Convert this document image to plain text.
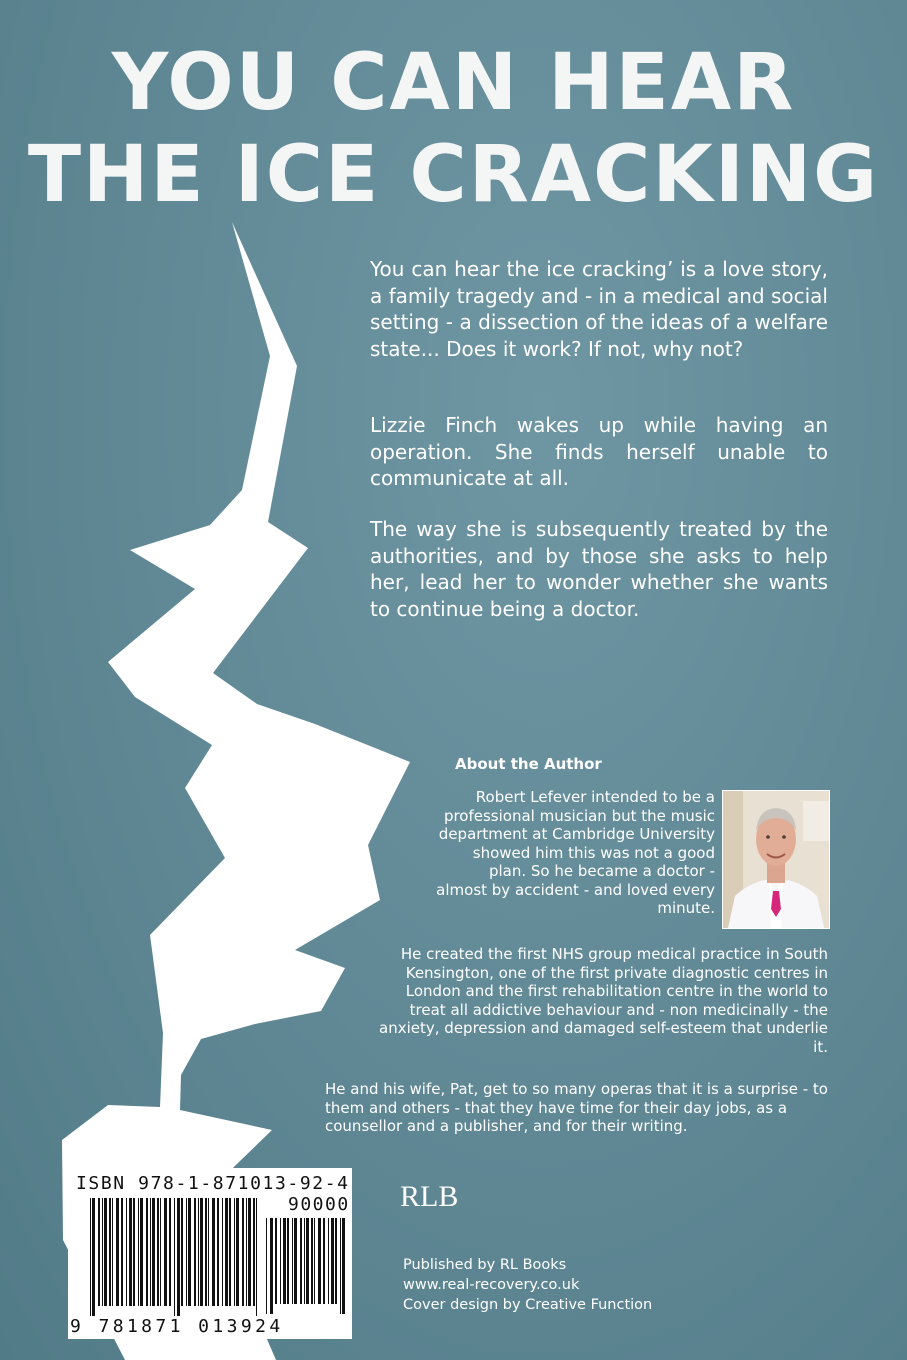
YOU CAN HEAR
THE ICE CRACKING

You can hear the ice cracking’ is a love story, a family tragedy and - in a medical and social setting - a dissection of the ideas of a welfare state... Does it work? If not, why not?

Lizzie Finch wakes up while having an operation. She finds herself unable to communicate at all.

The way she is subsequently treated by the authorities, and by those she asks to help her, lead her to wonder whether she wants to continue being a doctor.

About the Author

Robert Lefever intended to be a professional musician but the music department at Cambridge University showed him this was not a good plan. So he became a doctor - almost by accident - and loved every minute.

He created the first NHS group medical practice in South Kensington, one of the first private diagnostic centres in London and the first rehabilitation centre in the world to treat all addictive behaviour and - non medicinally - the anxiety, depression and damaged self-esteem that underlie it.

He and his wife, Pat, get to so many operas that it is a surprise - to them and others - that they have time for their day jobs, as a counsellor and a publisher, and for their writing.

ISBN 978-1-871013-92-4

90000

9 781871 013924

RLB

Published by RL Books

www.real-recovery.co.uk

Cover design by Creative Function
